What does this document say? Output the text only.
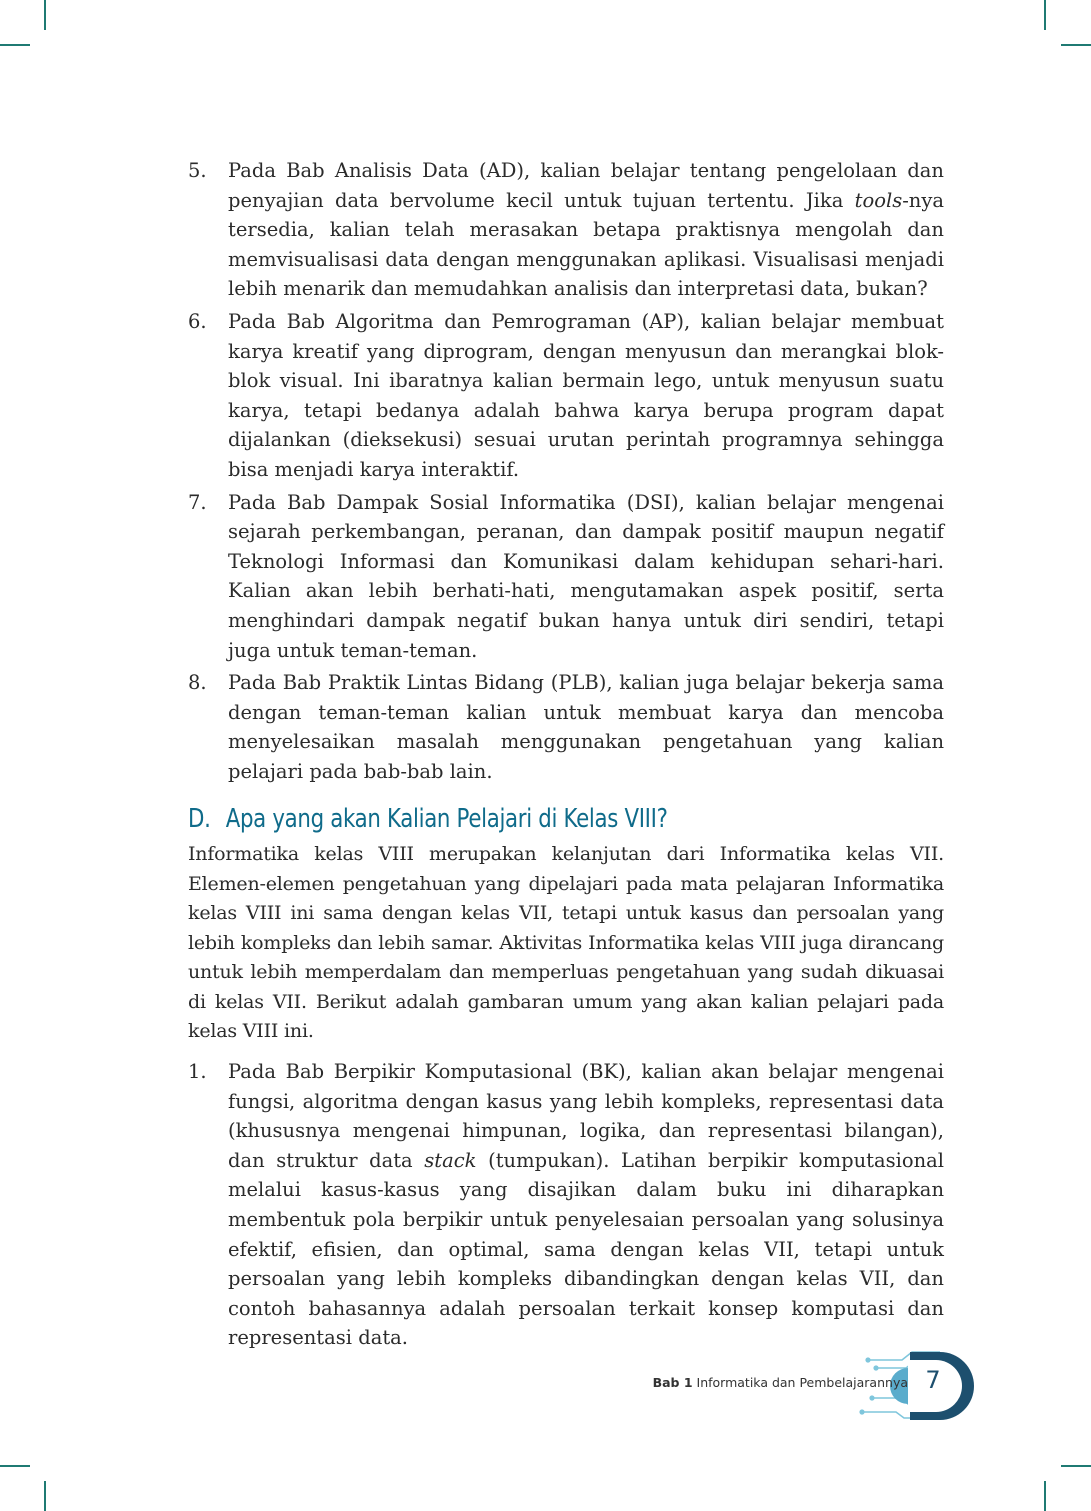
5.	Pada Bab Analisis Data (AD), kalian belajar tentang pengelolaan dan penyajian data bervolume kecil untuk tujuan tertentu. Jika tools-nya tersedia, kalian telah merasakan betapa praktisnya mengolah dan memvisualisasi data dengan menggunakan aplikasi. Visualisasi menjadi lebih menarik dan memudahkan analisis dan interpretasi data, bukan?
6.	Pada Bab Algoritma dan Pemrograman (AP), kalian belajar membuat karya kreatif yang diprogram, dengan menyusun dan merangkai blok-blok visual. Ini ibaratnya kalian bermain lego, untuk menyusun suatu karya, tetapi bedanya adalah bahwa karya berupa program dapat dijalankan (dieksekusi) sesuai urutan perintah programnya sehingga bisa menjadi karya interaktif.
7.	Pada Bab Dampak Sosial Informatika (DSI), kalian belajar mengenai sejarah perkembangan, peranan, dan dampak positif maupun negatif Teknologi Informasi dan Komunikasi dalam kehidupan sehari-hari. Kalian akan lebih berhati-hati, mengutamakan aspek positif, serta menghindari dampak negatif bukan hanya untuk diri sendiri, tetapi juga untuk teman-teman.
8.	Pada Bab Praktik Lintas Bidang (PLB), kalian juga belajar bekerja sama dengan teman-teman kalian untuk membuat karya dan mencoba menyelesaikan masalah menggunakan pengetahuan yang kalian pelajari pada bab-bab lain.
D. Apa yang akan Kalian Pelajari di Kelas VIII?

Informatika kelas VIII merupakan kelanjutan dari Informatika kelas VII. Elemen-elemen pengetahuan yang dipelajari pada mata pelajaran Informatika kelas VIII ini sama dengan kelas VII, tetapi untuk kasus dan persoalan yang lebih kompleks dan lebih samar. Aktivitas Informatika kelas VIII juga dirancang untuk lebih memperdalam dan memperluas pengetahuan yang sudah dikuasai di kelas VII. Berikut adalah gambaran umum yang akan kalian pelajari pada kelas VIII ini.

1.	Pada Bab Berpikir Komputasional (BK), kalian akan belajar mengenai fungsi, algoritma dengan kasus yang lebih kompleks, representasi data (khususnya mengenai himpunan, logika, dan representasi bilangan), dan struktur data stack (tumpukan). Latihan berpikir komputasional melalui kasus-kasus yang disajikan dalam buku ini diharapkan membentuk pola berpikir untuk penyelesaian persoalan yang solusinya efektif, efisien, dan optimal, sama dengan kelas VII, tetapi untuk persoalan yang lebih kompleks dibandingkan dengan kelas VII, dan contoh bahasannya adalah persoalan terkait konsep komputasi dan representasi data.
Bab 1 Informatika dan Pembelajarannya 7
